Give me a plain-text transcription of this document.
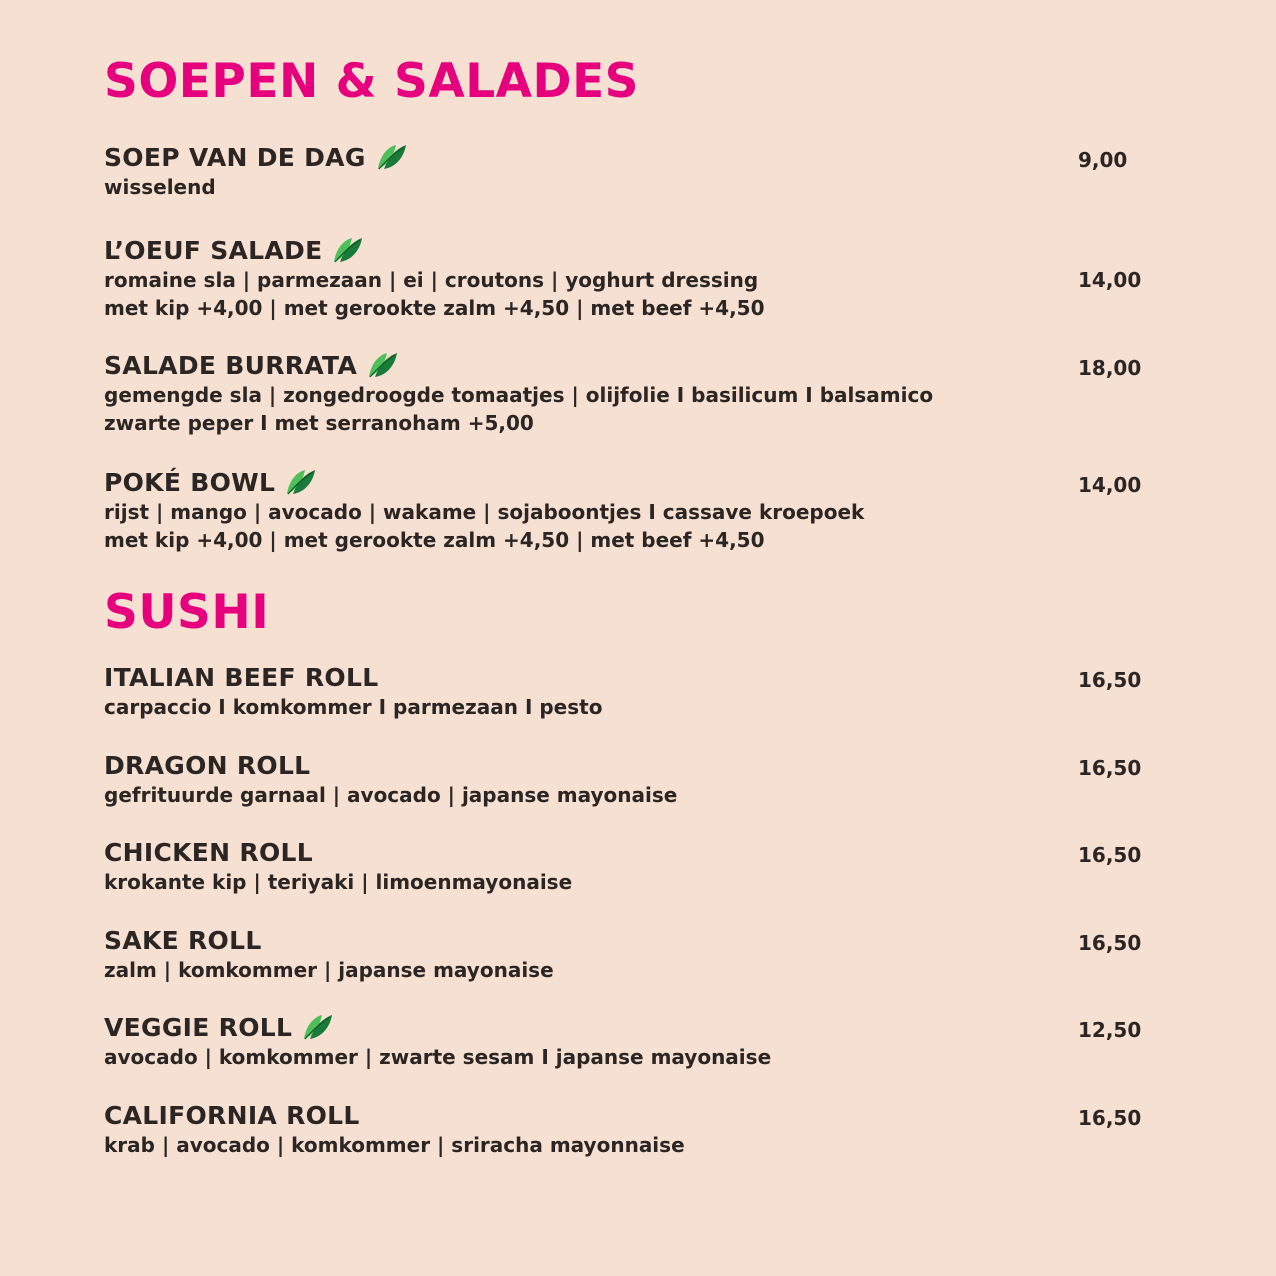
SOEPEN & SALADES
SOEP VAN DE DAG
wisselend
9,00
L’OEUF SALADE
romaine sla | parmezaan | ei | croutons | yoghurt dressing
met kip +4,00 | met gerookte zalm +4,50 | met beef +4,50
14,00
SALADE BURRATA
gemengde sla | zongedroogde tomaatjes | olijfolie I basilicum I balsamico
zwarte peper I met serranoham +5,00
18,00
POKÉ BOWL
rijst | mango | avocado | wakame | sojaboontjes I cassave kroepoek
met kip +4,00 | met gerookte zalm +4,50 | met beef +4,50
14,00
SUSHI
ITALIAN BEEF ROLL
carpaccio I komkommer I parmezaan I pesto
16,50
DRAGON ROLL
gefrituurde garnaal | avocado | japanse mayonaise
16,50
CHICKEN ROLL
krokante kip | teriyaki | limoenmayonaise
16,50
SAKE ROLL
zalm | komkommer | japanse mayonaise
16,50
VEGGIE ROLL
avocado | komkommer | zwarte sesam I japanse mayonaise
12,50
CALIFORNIA ROLL
krab | avocado | komkommer | sriracha mayonnaise
16,50
